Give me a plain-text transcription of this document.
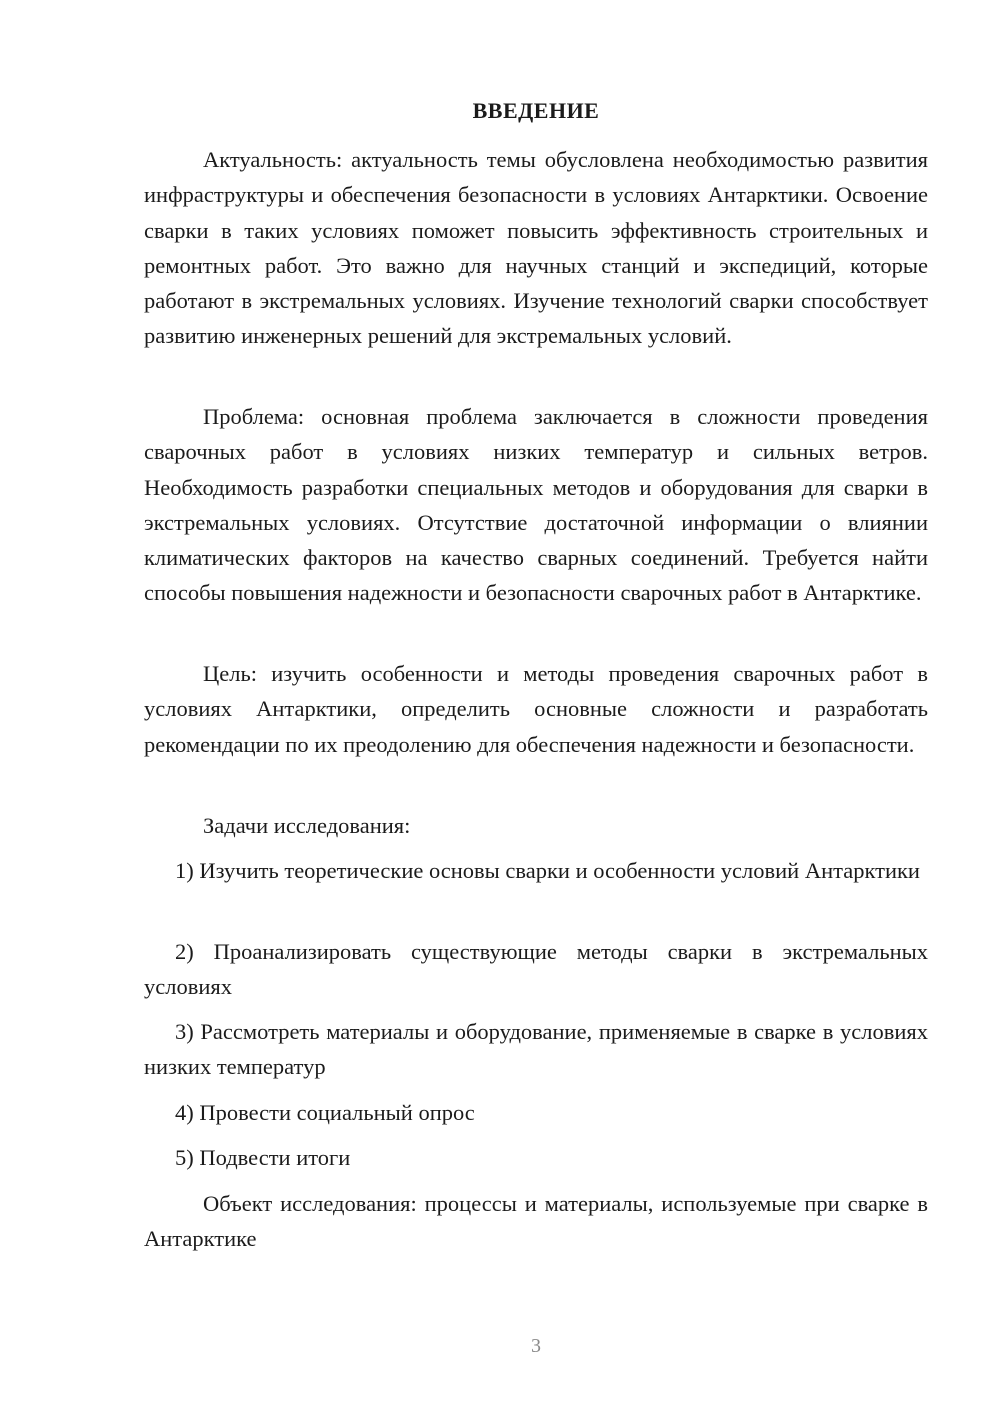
ВВЕДЕНИЕ

Актуальность: актуальность темы обусловлена необходимостью развития инфраструктуры и обеспечения безопасности в условиях Антарктики. Освоение сварки в таких условиях поможет повысить эффективность строительных и ремонтных работ. Это важно для научных станций и экспедиций, которые работают в экстремальных условиях. Изучение технологий сварки способствует развитию инженерных решений для экстремальных условий.

Проблема: основная проблема заключается в сложности проведения сварочных работ в условиях низких температур и сильных ветров. Необходимость разработки специальных методов и оборудования для сварки в экстремальных условиях. Отсутствие достаточной информации о влиянии климатических факторов на качество сварных соединений. Требуется найти способы повышения надежности и безопасности сварочных работ в Антарктике.

Цель: изучить особенности и методы проведения сварочных работ в условиях Антарктики, определить основные сложности и разработать рекомендации по их преодолению для обеспечения надежности и безопасности.

Задачи исследования:

1) Изучить теоретические основы сварки и особенности условий Антарктики

2) Проанализировать существующие методы сварки в экстремальных условиях

3) Рассмотреть материалы и оборудование, применяемые в сварке в условиях низких температур

4) Провести социальный опрос

5) Подвести итоги

Объект исследования: процессы и материалы, используемые при сварке в Антарктике

3
